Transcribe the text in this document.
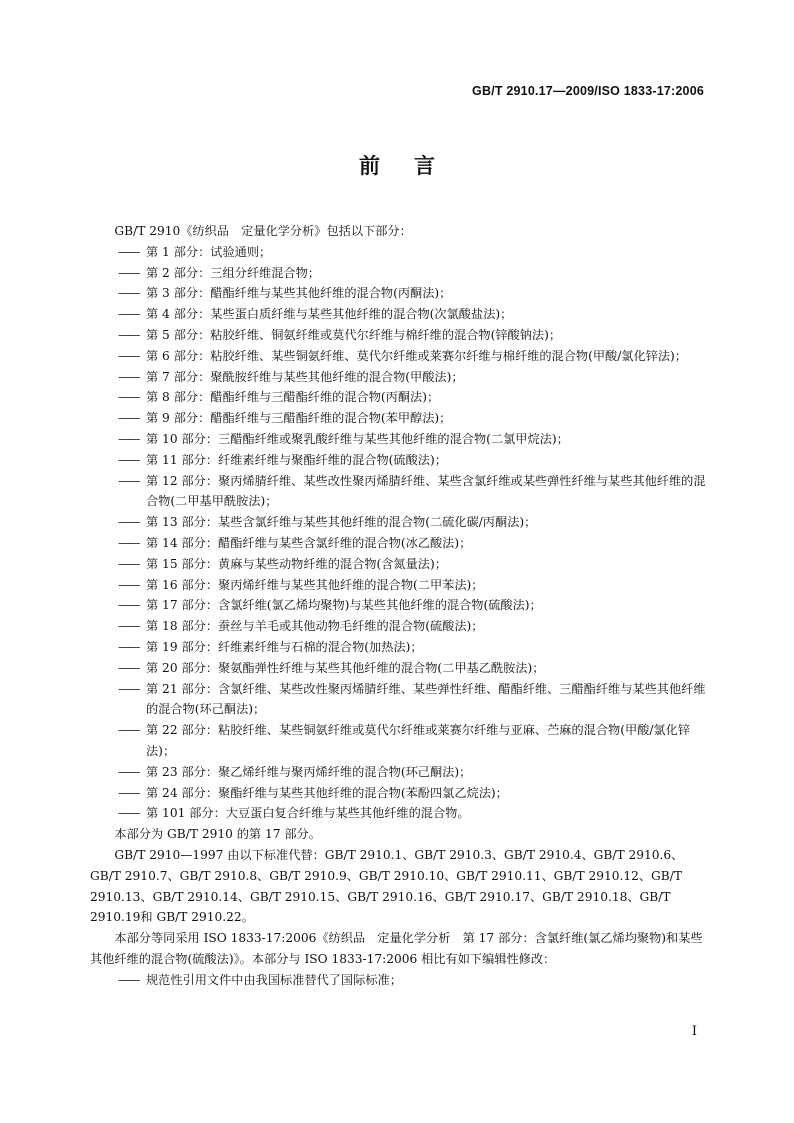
GB/T 2910.17—2009/ISO 1833-17:2006
前言

GB/T 2910《纺织品　定量化学分析》包括以下部分：

—— 第 1 部分：试验通则；
—— 第 2 部分：三组分纤维混合物；
—— 第 3 部分：醋酯纤维与某些其他纤维的混合物(丙酮法)；
—— 第 4 部分：某些蛋白质纤维与某些其他纤维的混合物(次氯酸盐法)；
—— 第 5 部分：粘胶纤维、铜氨纤维或莫代尔纤维与棉纤维的混合物(锌酸钠法)；
—— 第 6 部分：粘胶纤维、某些铜氨纤维、莫代尔纤维或莱赛尔纤维与棉纤维的混合物(甲酸/氯化锌法)；
—— 第 7 部分：聚酰胺纤维与某些其他纤维的混合物(甲酸法)；
—— 第 8 部分：醋酯纤维与三醋酯纤维的混合物(丙酮法)；
—— 第 9 部分：醋酯纤维与三醋酯纤维的混合物(苯甲醇法)；
—— 第 10 部分：三醋酯纤维或聚乳酸纤维与某些其他纤维的混合物(二氯甲烷法)；
—— 第 11 部分：纤维素纤维与聚酯纤维的混合物(硫酸法)；
—— 第 12 部分：聚丙烯腈纤维、某些改性聚丙烯腈纤维、某些含氯纤维或某些弹性纤维与某些其他纤维的混合物(二甲基甲酰胺法)；
—— 第 13 部分：某些含氯纤维与某些其他纤维的混合物(二硫化碳/丙酮法)；
—— 第 14 部分：醋酯纤维与某些含氯纤维的混合物(冰乙酸法)；
—— 第 15 部分：黄麻与某些动物纤维的混合物(含氮量法)；
—— 第 16 部分：聚丙烯纤维与某些其他纤维的混合物(二甲苯法)；
—— 第 17 部分：含氯纤维(氯乙烯均聚物)与某些其他纤维的混合物(硫酸法)；
—— 第 18 部分：蚕丝与羊毛或其他动物毛纤维的混合物(硫酸法)；
—— 第 19 部分：纤维素纤维与石棉的混合物(加热法)；
—— 第 20 部分：聚氨酯弹性纤维与某些其他纤维的混合物(二甲基乙酰胺法)；
—— 第 21 部分：含氯纤维、某些改性聚丙烯腈纤维、某些弹性纤维、醋酯纤维、三醋酯纤维与某些其他纤维的混合物(环己酮法)；
—— 第 22 部分：粘胶纤维、某些铜氨纤维或莫代尔纤维或莱赛尔纤维与亚麻、苎麻的混合物(甲酸/氯化锌法)；
—— 第 23 部分：聚乙烯纤维与聚丙烯纤维的混合物(环己酮法)；
—— 第 24 部分：聚酯纤维与某些其他纤维的混合物(苯酚四氯乙烷法)；
—— 第 101 部分：大豆蛋白复合纤维与某些其他纤维的混合物。

本部分为 GB/T 2910 的第 17 部分。

GB/T 2910—1997 由以下标准代替：GB/T 2910.1、GB/T 2910.3、GB/T 2910.4、GB/T 2910.6、GB/T 2910.7、GB/T 2910.8、GB/T 2910.9、GB/T 2910.10、GB/T 2910.11、GB/T 2910.12、GB/T 2910.13、GB/T 2910.14、GB/T 2910.15、GB/T 2910.16、GB/T 2910.17、GB/T 2910.18、GB/T 2910.19和 GB/T 2910.22。

本部分等同采用 ISO 1833-17:2006《纺织品　定量化学分析　第 17 部分：含氯纤维(氯乙烯均聚物)和某些其他纤维的混合物(硫酸法)》。本部分与 ISO 1833-17:2006 相比有如下编辑性修改：

—— 规范性引用文件中由我国标准替代了国际标准；
I
